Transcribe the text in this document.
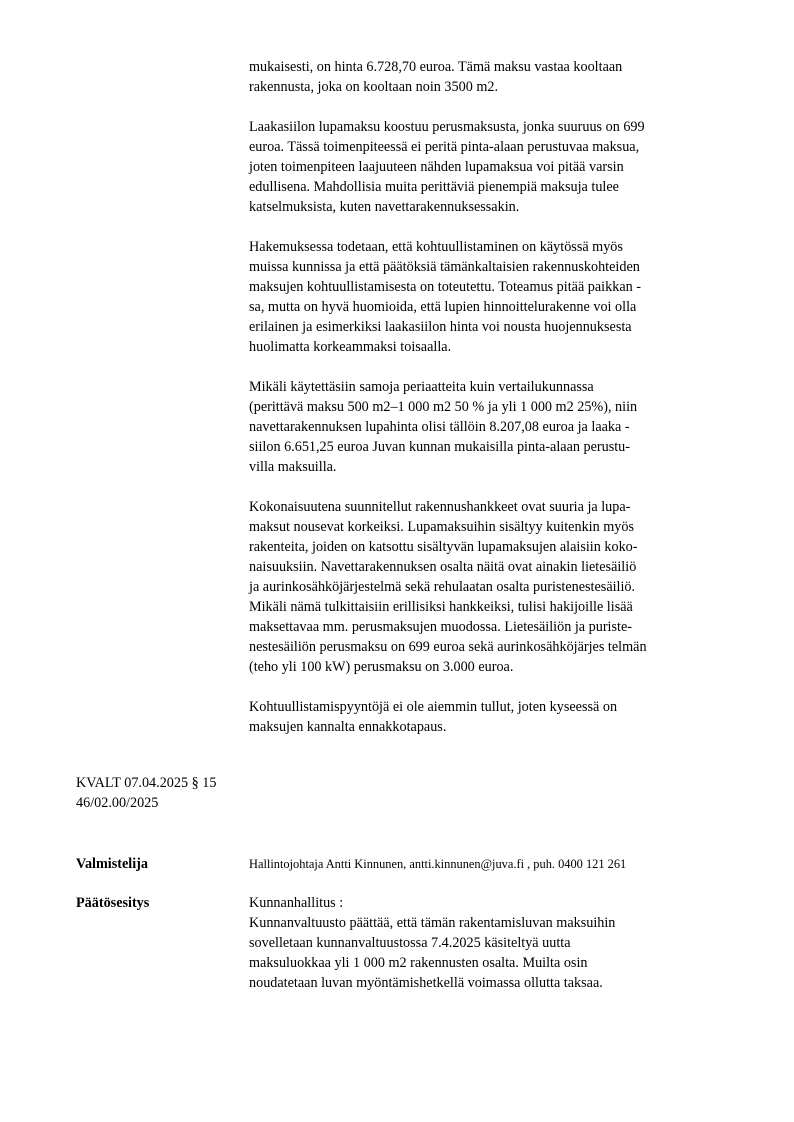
mukaisesti, on hinta 6.728,70 euroa. Tämä maksu vastaa kooltaan
rakennusta, joka on kooltaan noin 3500 m2.

Laakasiilon lupamaksu koostuu perusmaksusta, jonka suuruus on 699
euroa. Tässä toimenpiteessä ei peritä pinta-alaan perustuvaa maksua,
joten toimenpiteen laajuuteen nähden lupamaksua voi pitää varsin
edullisena. Mahdollisia muita perittäviä pienempiä maksuja tulee
katselmuksista, kuten navettarakennuksessakin.

Hakemuksessa todetaan, että kohtuullistaminen on käytössä myös
muissa kunnissa ja että päätöksiä tämänkaltaisien rakennuskohteiden
maksujen kohtuullistamisesta on toteutettu. Toteamus pitää paikkan -
sa, mutta on hyvä huomioida, että lupien hinnoittelurakenne voi olla
erilainen ja esimerkiksi laakasiilon hinta voi nousta huojennuksesta
huolimatta korkeammaksi toisaalla.

Mikäli käytettäsiin samoja periaatteita kuin vertailukunnassa
(perittävä maksu 500 m2–1 000 m2 50 % ja yli 1 000 m2 25%), niin
navettarakennuksen lupahinta olisi tällöin 8.207,08 euroa ja laaka -
siilon 6.651,25 euroa Juvan kunnan mukaisilla pinta-alaan perustu-
villa maksuilla.

Kokonaisuutena suunnitellut rakennushankkeet ovat suuria ja lupa-
maksut nousevat korkeiksi. Lupamaksuihin sisältyy kuitenkin myös
rakenteita, joiden on katsottu sisältyvän lupamaksujen alaisiin koko-
naisuuksiin. Navettarakennuksen osalta näitä ovat ainakin lietesäiliö
ja aurinkosähköjärjestelmä sekä rehulaatan osalta puristenestesäiliö.
Mikäli nämä tulkittaisiin erillisiksi hankkeiksi, tulisi hakijoille lisää
maksettavaa mm. perusmaksujen muodossa. Lietesäiliön ja puriste-
nestesäiliön perusmaksu on 699 euroa sekä aurinkosähköjärjes telmän
(teho yli 100 kW) perusmaksu on 3.000 euroa.

Kohtuullistamispyyntöjä ei ole aiemmin tullut, joten kyseessä on
maksujen kannalta ennakkotapaus.

KVALT 07.04.2025 § 15
46/02.00/2025
Valmistelija	Hallintojohtaja Antti Kinnunen, antti.kinnunen@juva.fi , puh. 0400 121 261
Päätösesitys	Kunnanhallitus :
Kunnanvaltuusto päättää, että tämän rakentamisluvan maksuihin
sovelletaan kunnanvaltuustossa 7.4.2025 käsiteltyä uutta
maksuluokkaa yli 1 000 m2 rakennusten osalta. Muilta osin
noudatetaan luvan myöntämishetkellä voimassa ollutta taksaa.
